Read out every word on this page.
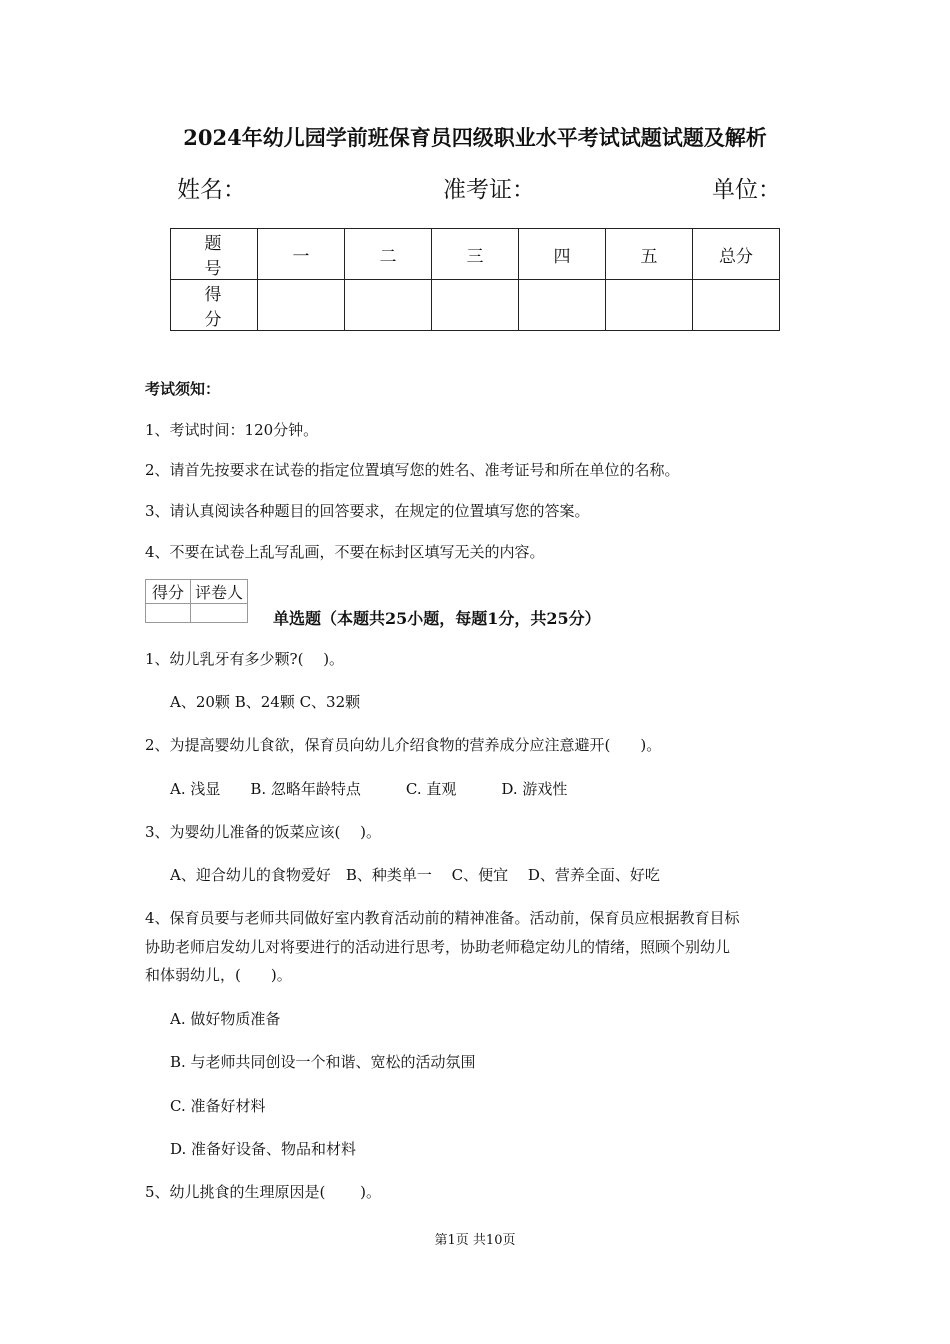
2024年幼儿园学前班保育员四级职业水平考试试题试题及解析
姓名：	准考证：	单位：
题　号	一	二	三	四	五	总分
得　分						
考试须知：
1、考试时间：120分钟。
2、请首先按要求在试卷的指定位置填写您的姓名、准考证号和所在单位的名称。
3、请认真阅读各种题目的回答要求，在规定的位置填写您的答案。
4、不要在试卷上乱写乱画，不要在标封区填写无关的内容。
得分	评卷人

单选题（本题共25小题，每题1分，共25分）
1、幼儿乳牙有多少颗?(　 )。
A、20颗 B、24颗 C、32颗
2、为提高婴幼儿食欲，保育员向幼儿介绍食物的营养成分应注意避开(　　)。
A. 浅显　　B. 忽略年龄特点　　　C. 直观　　　D. 游戏性
3、为婴幼儿准备的饭菜应该(　 )。
A、迎合幼儿的食物爱好　B、种类单一　 C、便宜　 D、营养全面、好吃
4、保育员要与老师共同做好室内教育活动前的精神准备。活动前，保育员应根据教育目标
协助老师启发幼儿对将要进行的活动进行思考，协助老师稳定幼儿的情绪，照顾个别幼儿
和体弱幼儿，(　　)。
A. 做好物质准备
B. 与老师共同创设一个和谐、宽松的活动氛围
C. 准备好材料
D. 准备好设备、物品和材料
5、幼儿挑食的生理原因是(　　 )。
第1页 共10页
